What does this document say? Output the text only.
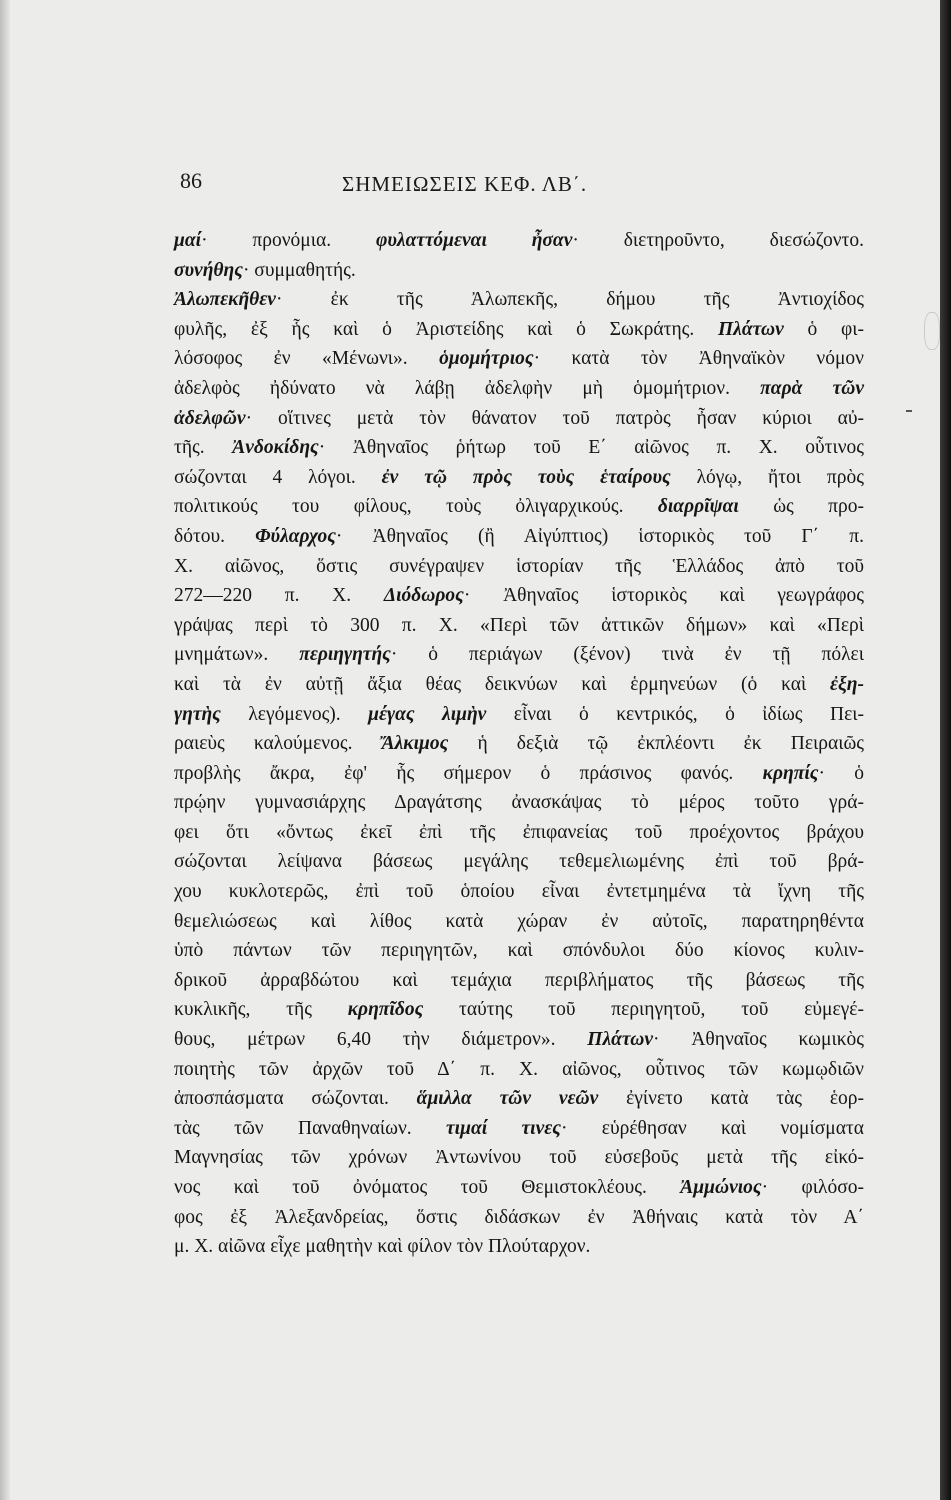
86	ΣΗΜΕΙΩΣΕΙΣ ΚΕΦ. ΛΒ΄.
μαί· προνόμια. φυλαττόμεναι ἦσαν· διετηροῦντο, διεσώζοντο.
συνήθης· συμμαθητής.
Ἀλωπεκῆθεν· ἐκ τῆς Ἀλωπεκῆς, δήμου τῆς Ἀντιοχίδος
φυλῆς, ἐξ ἧς καὶ ὁ Ἀριστείδης καὶ ὁ Σωκράτης. Πλάτων ὁ φι-
λόσοφος ἐν «Μένωνι». ὁμομήτριος· κατὰ τὸν Ἀθηναϊκὸν νόμον
ἀδελφὸς ἠδύνατο νὰ λάβῃ ἀδελφὴν μὴ ὁμομήτριον. παρὰ τῶν
ἀδελφῶν· οἵτινες μετὰ τὸν θάνατον τοῦ πατρὸς ἦσαν κύριοι αὐ-
τῆς. Ἀνδοκίδης· Ἀθηναῖος ῥήτωρ τοῦ Ε΄ αἰῶνος π. Χ. οὗτινος
σώζονται 4 λόγοι. ἐν τῷ πρὸς τοὺς ἑταίρους λόγῳ, ἤτοι πρὸς
πολιτικούς του φίλους, τοὺς ὀλιγαρχικούς. διαρρῖψαι ὡς προ-
δότου. Φύλαρχος· Ἀθηναῖος (ἢ Αἰγύπτιος) ἱστορικὸς τοῦ Γ΄ π.
Χ. αἰῶνος, ὅστις συνέγραψεν ἱστορίαν τῆς Ἑλλάδος ἀπὸ τοῦ
272—220 π. Χ. Διόδωρος· Ἀθηναῖος ἱστορικὸς καὶ γεωγράφος
γράψας περὶ τὸ 300 π. Χ. «Περὶ τῶν ἀττικῶν δήμων» καὶ «Περὶ
μνημάτων». περιηγητής· ὁ περιάγων (ξένον) τινὰ ἐν τῇ πόλει
καὶ τὰ ἐν αὐτῇ ἄξια θέας δεικνύων καὶ ἑρμηνεύων (ὁ καὶ ἐξη-
γητὴς λεγόμενος). μέγας λιμὴν εἶναι ὁ κεντρικός, ὁ ἰδίως Πει-
ραιεὺς καλούμενος. Ἄλκιμος ἡ δεξιὰ τῷ ἐκπλέοντι ἐκ Πειραιῶς
προβλὴς ἄκρα, ἐφ' ἧς σήμερον ὁ πράσινος φανός. κρηπίς· ὁ
πρῴην γυμνασιάρχης Δραγάτσης ἀνασκάψας τὸ μέρος τοῦτο γρά-
φει ὅτι «ὄντως ἐκεῖ ἐπὶ τῆς ἐπιφανείας τοῦ προέχοντος βράχου
σώζονται λείψανα βάσεως μεγάλης τεθεμελιωμένης ἐπὶ τοῦ βρά-
χου κυκλοτερῶς, ἐπὶ τοῦ ὁποίου εἶναι ἐντετμημένα τὰ ἴχνη τῆς
θεμελιώσεως καὶ λίθος κατὰ χώραν ἐν αὐτοῖς, παρατηρηθέντα
ὑπὸ πάντων τῶν περιηγητῶν, καὶ σπόνδυλοι δύο κίονος κυλιν-
δρικοῦ ἀρραβδώτου καὶ τεμάχια περιβλήματος τῆς βάσεως τῆς
κυκλικῆς, τῆς κρηπῖδος ταύτης τοῦ περιηγητοῦ, τοῦ εὐμεγέ-
θους, μέτρων 6,40 τὴν διάμετρον». Πλάτων· Ἀθηναῖος κωμικὸς
ποιητὴς τῶν ἀρχῶν τοῦ Δ΄ π. Χ. αἰῶνος, οὗτινος τῶν κωμῳδιῶν
ἀποσπάσματα σώζονται. ἅμιλλα τῶν νεῶν ἐγίνετο κατὰ τὰς ἑορ-
τὰς τῶν Παναθηναίων. τιμαί τινες· εὑρέθησαν καὶ νομίσματα
Μαγνησίας τῶν χρόνων Ἀντωνίνου τοῦ εὐσεβοῦς μετὰ τῆς εἰκό-
νος καὶ τοῦ ὀνόματος τοῦ Θεμιστοκλέους. Ἀμμώνιος· φιλόσο-
φος ἐξ Ἀλεξανδρείας, ὅστις διδάσκων ἐν Ἀθήναις κατὰ τὸν Α΄
μ. Χ. αἰῶνα εἶχε μαθητὴν καὶ φίλον τὸν Πλούταρχον.
